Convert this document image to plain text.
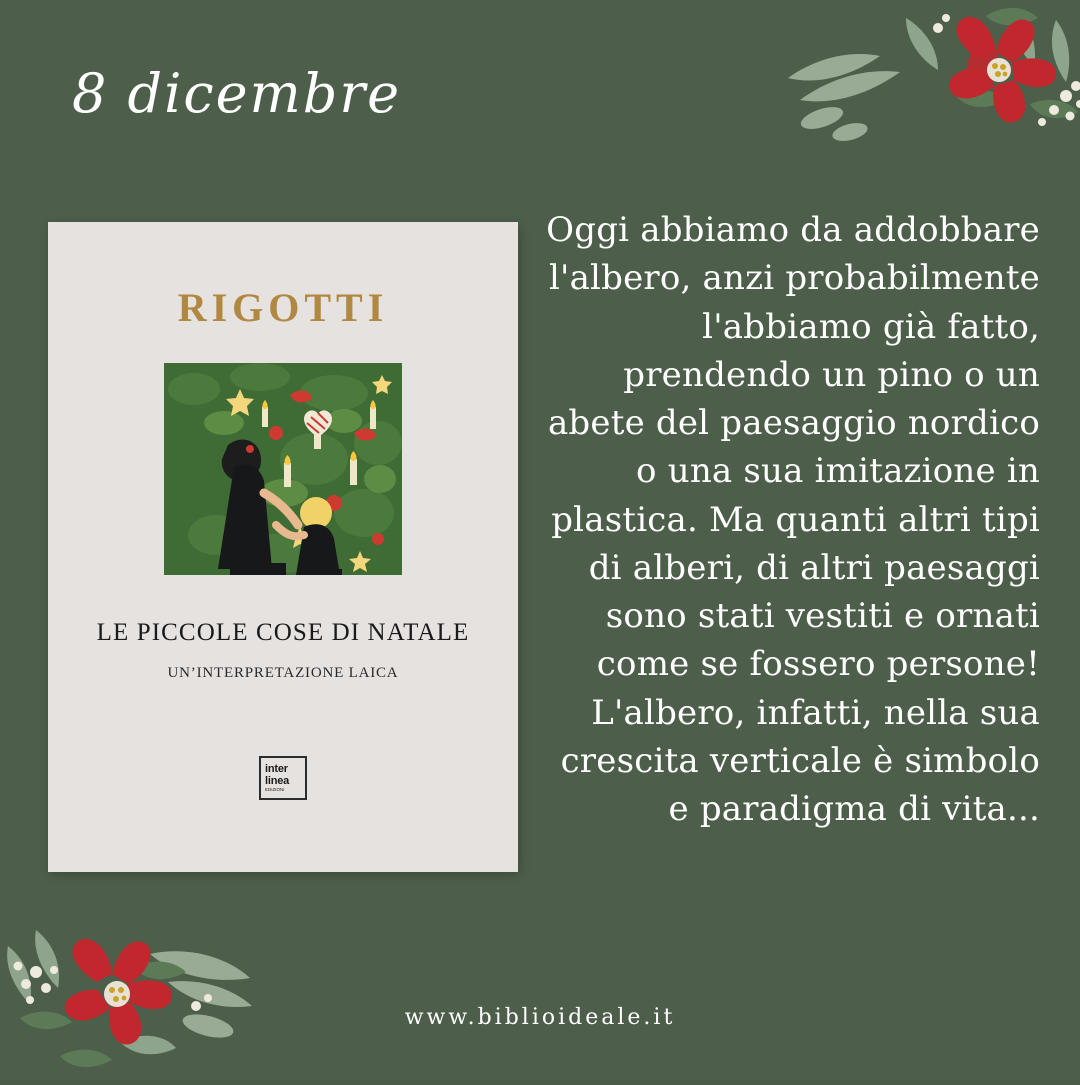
8 dicembre
RIGOTTI
LE PICCOLE COSE DI NATALE
UN’INTERPRETAZIONE LAICA
inter
linea
EDIZIONI
Oggi abbiamo da addobbare l'albero, anzi probabilmente l'abbiamo già fatto, prendendo un pino o un abete del paesaggio nordico o una sua imitazione in plastica. Ma quanti altri tipi di alberi, di altri paesaggi sono stati vestiti e ornati come se fossero persone! L'albero, infatti, nella sua crescita verticale è simbolo e paradigma di vita...
www.biblioideale.it
